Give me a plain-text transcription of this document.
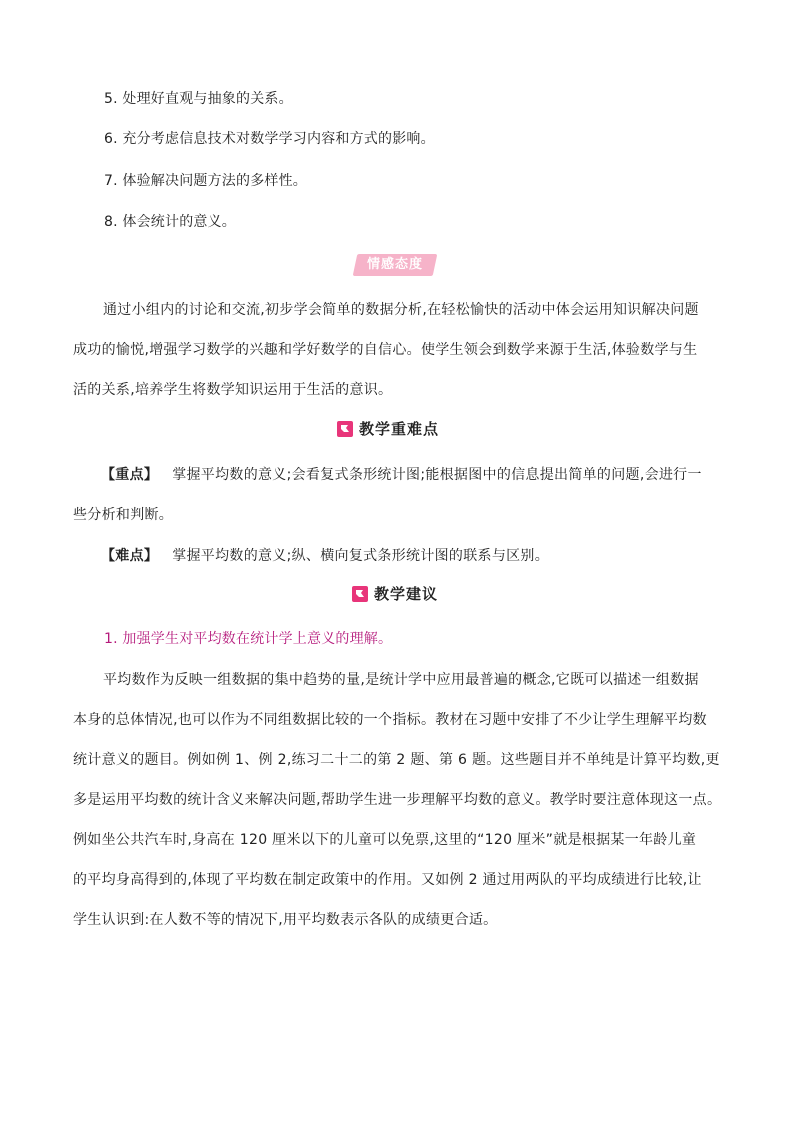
5. 处理好直观与抽象的关系。
6. 充分考虑信息技术对数学学习内容和方式的影响。
7. 体验解决问题方法的多样性。
8. 体会统计的意义。
情感态度
通过小组内的讨论和交流,初步学会简单的数据分析,在轻松愉快的活动中体会运用知识解决问题
成功的愉悦,增强学习数学的兴趣和学好数学的自信心。使学生领会到数学来源于生活,体验数学与生
活的关系,培养学生将数学知识运用于生活的意识。
教学重难点
【重点】 掌握平均数的意义;会看复式条形统计图;能根据图中的信息提出简单的问题,会进行一
些分析和判断。
【难点】 掌握平均数的意义;纵、横向复式条形统计图的联系与区别。
教学建议
1. 加强学生对平均数在统计学上意义的理解。
平均数作为反映一组数据的集中趋势的量,是统计学中应用最普遍的概念,它既可以描述一组数据
本身的总体情况,也可以作为不同组数据比较的一个指标。教材在习题中安排了不少让学生理解平均数
统计意义的题目。例如例 1、例 2,练习二十二的第 2 题、第 6 题。这些题目并不单纯是计算平均数,更
多是运用平均数的统计含义来解决问题,帮助学生进一步理解平均数的意义。教学时要注意体现这一点。
例如坐公共汽车时,身高在 120 厘米以下的儿童可以免票,这里的“120 厘米”就是根据某一年龄儿童
的平均身高得到的,体现了平均数在制定政策中的作用。又如例 2 通过用两队的平均成绩进行比较,让
学生认识到:在人数不等的情况下,用平均数表示各队的成绩更合适。
